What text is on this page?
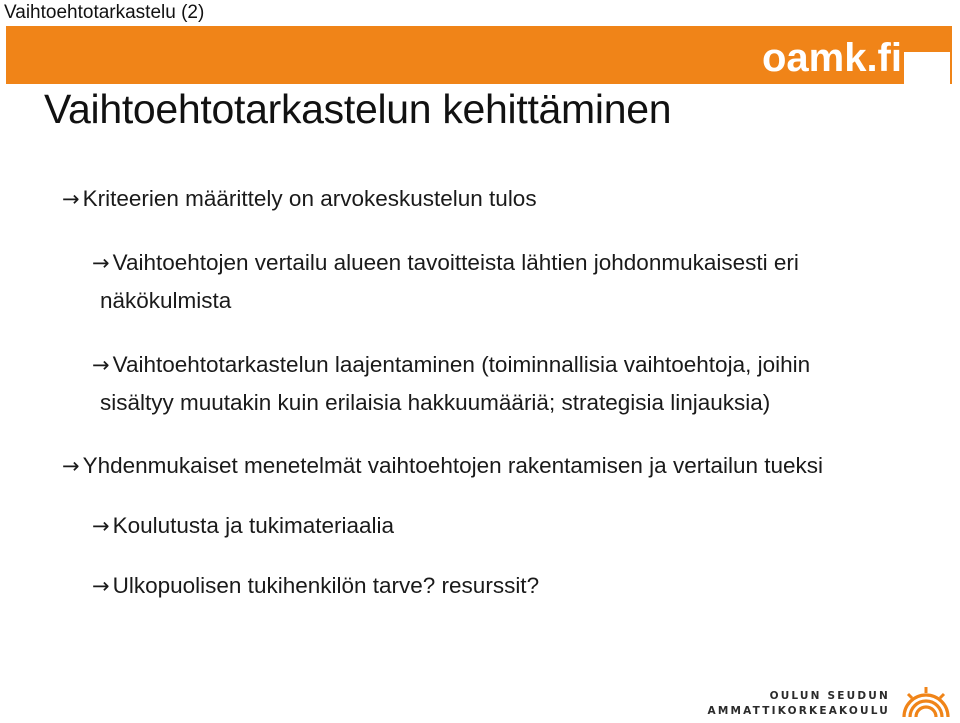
Vaihtoehtotarkastelu (2)
oamk.fi
Vaihtoehtotarkastelun kehittäminen
→ Kriteerien määrittely on arvokeskustelun tulos
→ Vaihtoehtojen vertailu alueen tavoitteista lähtien johdonmukaisesti eri
näkökulmista
→ Vaihtoehtotarkastelun laajentaminen (toiminnallisia vaihtoehtoja, joihin
sisältyy muutakin kuin erilaisia hakkuumääriä; strategisia linjauksia)
→ Yhdenmukaiset menetelmät vaihtoehtojen rakentamisen ja vertailun tueksi
→ Koulutusta ja tukimateriaalia
→ Ulkopuolisen tukihenkilön tarve? resurssit?
OULUN SEUDUN
AMMATTIKORKEAKOULU
